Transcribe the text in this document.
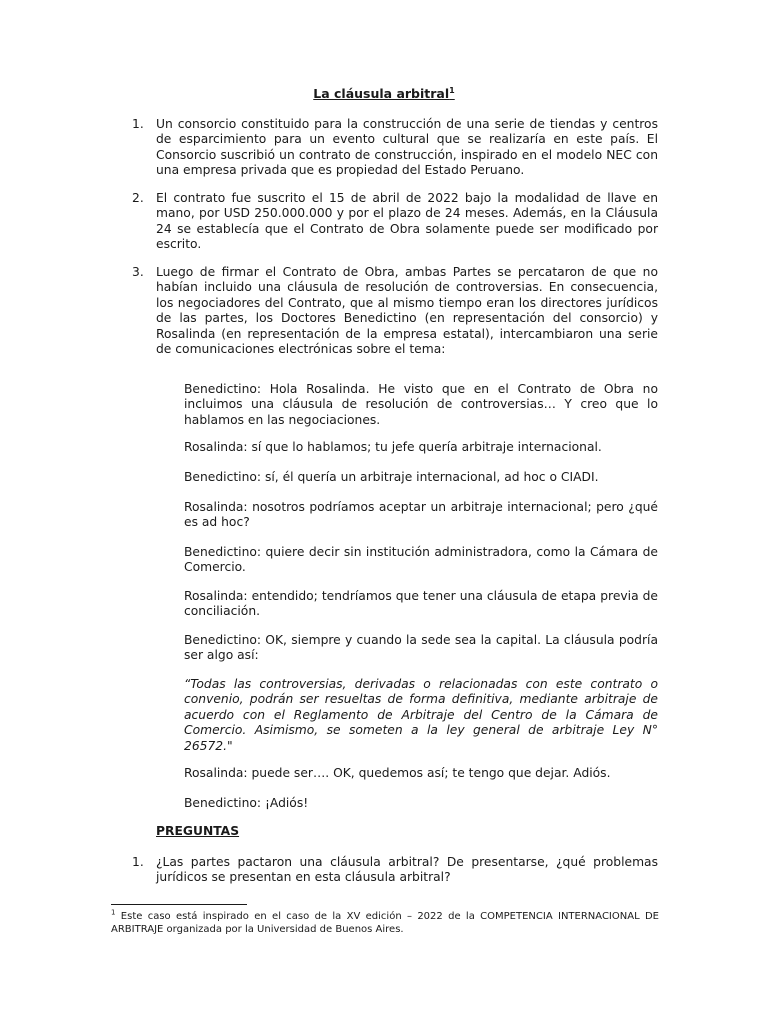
La cláusula arbitral$^1$
1. Un consorcio constituido para la construcción de una serie de tiendas y centros de esparcimiento para un evento cultural que se realizaría en este país. El Consorcio suscribió un contrato de construcción, inspirado en el modelo NEC con una empresa privada que es propiedad del Estado Peruano.

2. El contrato fue suscrito el 15 de abril de 2022 bajo la modalidad de llave en mano, por USD 250.000.000 y por el plazo de 24 meses. Además, en la Cláusula 24 se establecía que el Contrato de Obra solamente puede ser modificado por escrito.

3. Luego de firmar el Contrato de Obra, ambas Partes se percataron de que no habían incluido una cláusula de resolución de controversias. En consecuencia, los negociadores del Contrato, que al mismo tiempo eran los directores jurídicos de las partes, los Doctores Benedictino (en representación del consorcio) y Rosalinda (en representación de la empresa estatal), intercambiaron una serie de comunicaciones electrónicas sobre el tema:

Benedictino: Hola Rosalinda. He visto que en el Contrato de Obra no incluimos una cláusula de resolución de controversias… Y creo que lo hablamos en las negociaciones.

Rosalinda: sí que lo hablamos; tu jefe quería arbitraje internacional.

Benedictino: sí, él quería un arbitraje internacional, ad hoc o CIADI.

Rosalinda: nosotros podríamos aceptar un arbitraje internacional; pero ¿qué es ad hoc?

Benedictino: quiere decir sin institución administradora, como la Cámara de Comercio.

Rosalinda: entendido; tendríamos que tener una cláusula de etapa previa de conciliación.

Benedictino: OK, siempre y cuando la sede sea la capital. La cláusula podría ser algo así:

“Todas las controversias, derivadas o relacionadas con este contrato o convenio, podrán ser resueltas de forma definitiva, mediante arbitraje de acuerdo con el Reglamento de Arbitraje del Centro de la Cámara de Comercio. Asimismo, se someten a la ley general de arbitraje Ley N° 26572."

Rosalinda: puede ser…. OK, quedemos así; te tengo que dejar. Adiós.

Benedictino: ¡Adiós!

PREGUNTAS
1. ¿Las partes pactaron una cláusula arbitral? De presentarse, ¿qué problemas jurídicos se presentan en esta cláusula arbitral?

$^1$ Este caso está inspirado en el caso de la XV edición – 2022 de la COMPETENCIA INTERNACIONAL DE ARBITRAJE organizada por la Universidad de Buenos Aires.
